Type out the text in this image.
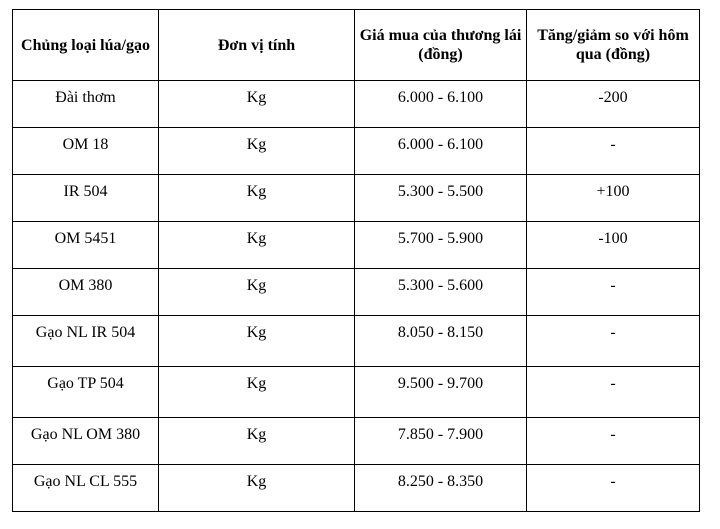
Chủng loại lúa/gạo	Đơn vị tính	Giá mua của thương lái (đồng)	Tăng/giảm so với hôm qua (đồng)
Đài thơm	Kg	6.000 - 6.100	-200
OM 18	Kg	6.000 - 6.100	-
IR 504	Kg	5.300 - 5.500	+100
OM 5451	Kg	5.700 - 5.900	-100
OM 380	Kg	5.300 - 5.600	-
Gạo NL IR 504	Kg	8.050 - 8.150	-
Gạo TP 504	Kg	9.500 - 9.700	-
Gạo NL OM 380	Kg	7.850 - 7.900	-
Gạo NL CL 555	Kg	8.250 - 8.350	-
